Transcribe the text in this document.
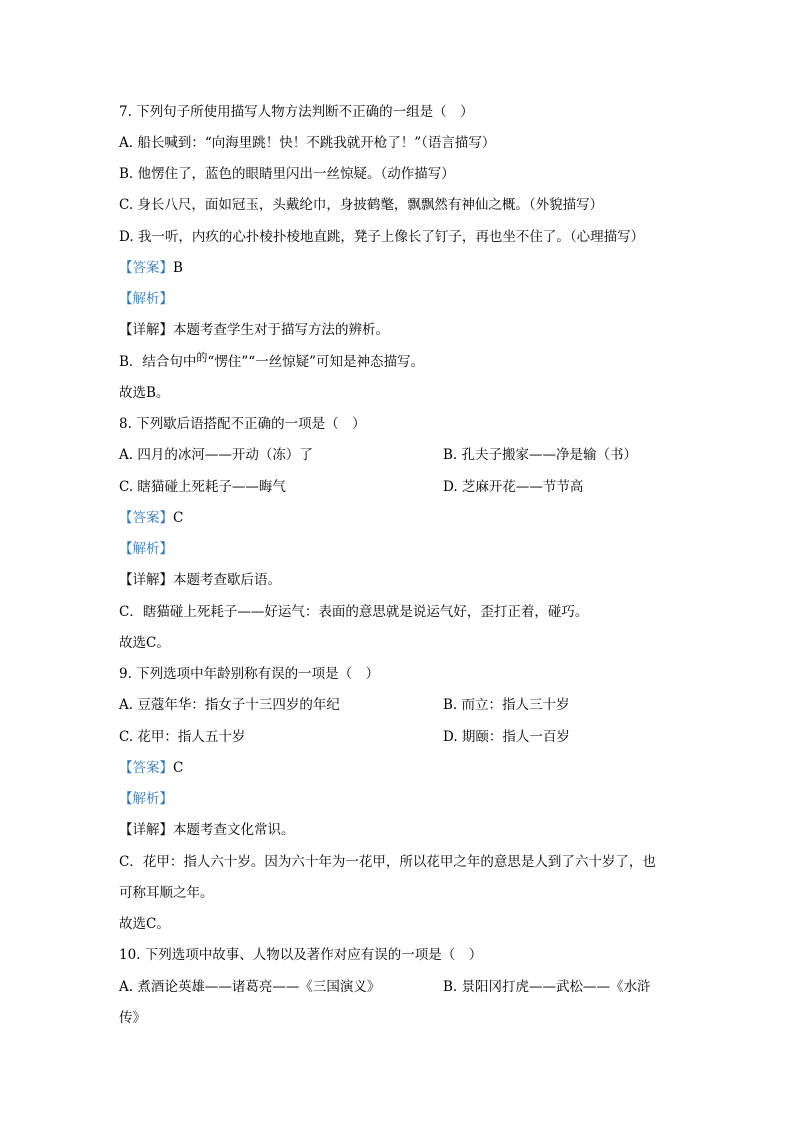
7. 下列句子所使用描写人物方法判断不正确的一组是（　）
A. 船长喊到：“向海里跳！快！不跳我就开枪了！”（语言描写）
B. 他愣住了，蓝色的眼睛里闪出一丝惊疑。（动作描写）
C. 身长八尺，面如冠玉，头戴纶巾，身披鹤氅，飘飘然有神仙之概。（外貌描写）
D. 我一听，内疚的心扑棱扑棱地直跳，凳子上像长了钉子，再也坐不住了。（心理描写）
【答案】B
【解析】
【详解】本题考查学生对于描写方法的辨析。
B．结合句中$^的$“愣住”“一丝惊疑”可知是神态描写。
故选B。
8. 下列歇后语搭配不正确的一项是（　）
A. 四月的冰河——开动（冻）了	B. 孔夫子搬家——净是输（书）
C. 瞎猫碰上死耗子——晦气	D. 芝麻开花——节节高
【答案】C
【解析】
【详解】本题考查歇后语。
C．瞎猫碰上死耗子——好运气：表面的意思就是说运气好，歪打正着，碰巧。
故选C。
9. 下列选项中年龄别称有误的一项是（　）
A. 豆蔻年华：指女子十三四岁的年纪	B. 而立：指人三十岁
C. 花甲：指人五十岁	D. 期颐：指人一百岁
【答案】C
【解析】
【详解】本题考查文化常识。
C．花甲：指人六十岁。因为六十年为一花甲，所以花甲之年的意思是人到了六十岁了，也
可称耳顺之年。
故选C。
10. 下列选项中故事、人物以及著作对应有误的一项是（　）
A. 煮酒论英雄——诸葛亮——《三国演义》	B. 景阳冈打虎——武松——《水浒
传》
